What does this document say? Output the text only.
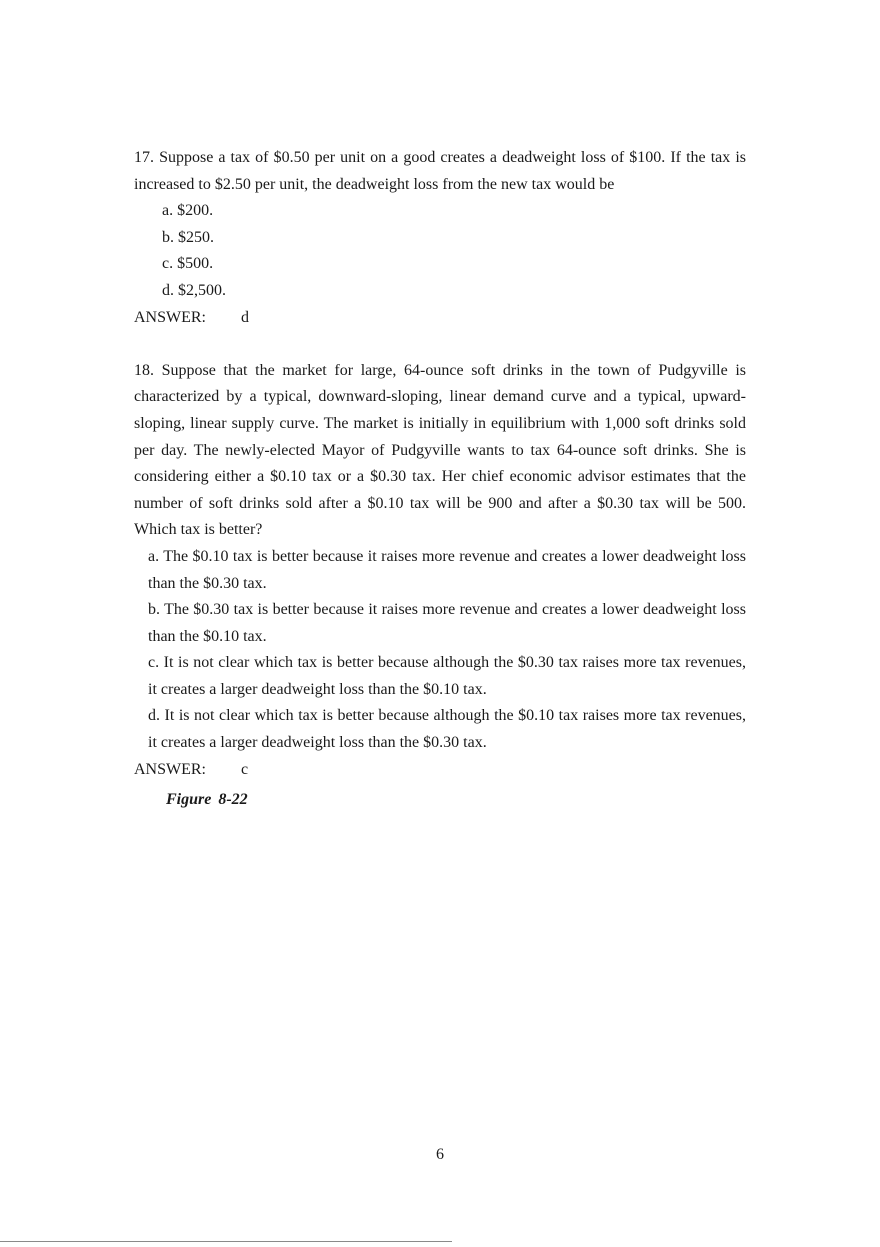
17. Suppose a tax of $0.50 per unit on a good creates a deadweight loss of $100. If the tax is increased to $2.50 per unit, the deadweight loss from the new tax would be

a. $200.

b. $250.

c. $500.

d. $2,500.

ANSWER: d

18. Suppose that the market for large, 64-ounce soft drinks in the town of Pudgyville is characterized by a typical, downward-sloping, linear demand curve and a typical, upward-sloping, linear supply curve. The market is initially in equilibrium with 1,000 soft drinks sold per day. The newly-elected Mayor of Pudgyville wants to tax 64-ounce soft drinks. She is considering either a $0.10 tax or a $0.30 tax. Her chief economic advisor estimates that the number of soft drinks sold after a $0.10 tax will be 900 and after a $0.30 tax will be 500. Which tax is better?

a. The $0.10 tax is better because it raises more revenue and creates a lower deadweight loss than the $0.30 tax.

b. The $0.30 tax is better because it raises more revenue and creates a lower deadweight loss than the $0.10 tax.

c. It is not clear which tax is better because although the $0.30 tax raises more tax revenues, it creates a larger deadweight loss than the $0.10 tax.

d. It is not clear which tax is better because although the $0.10 tax raises more tax revenues, it creates a larger deadweight loss than the $0.30 tax.

ANSWER: c

Figure 8-22

6
